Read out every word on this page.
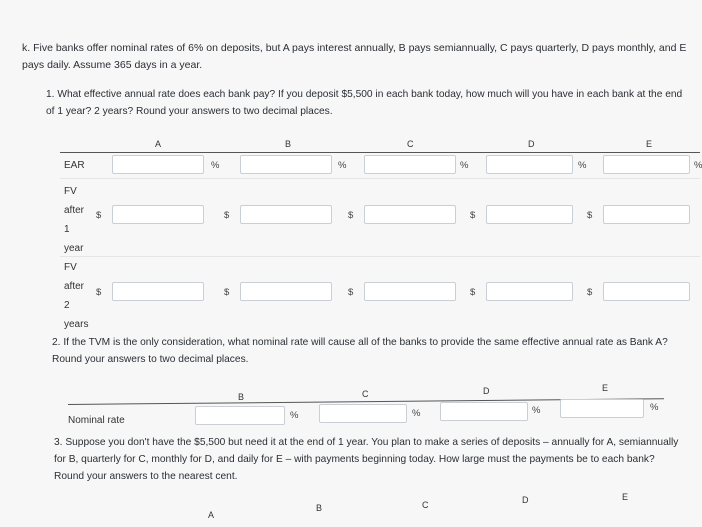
k. Five banks offer nominal rates of 6% on deposits, but A pays interest annually, B pays semiannually, C pays quarterly, D pays monthly, and E pays daily. Assume 365 days in a year.
1. What effective annual rate does each bank pay? If you deposit $5,500 in each bank today, how much will you have in each bank at the end of 1 year? 2 years? Round your answers to two decimal places.
A	B	C	D	E
EAR	%	%	%	%	%
FV
after
1
year
$	$	$	$	$
FV
after
2
years
$	$	$	$	$
2. If the TVM is the only consideration, what nominal rate will cause all of the banks to provide the same effective annual rate as Bank A? Round your answers to two decimal places.
B	C	D	E
Nominal rate	%	%	%	%
3. Suppose you don't have the $5,500 but need it at the end of 1 year. You plan to make a series of deposits – annually for A, semiannually for B, quarterly for C, monthly for D, and daily for E – with payments beginning today. How large must the payments be to each bank? Round your answers to the nearest cent.
A
B	C	D	E
